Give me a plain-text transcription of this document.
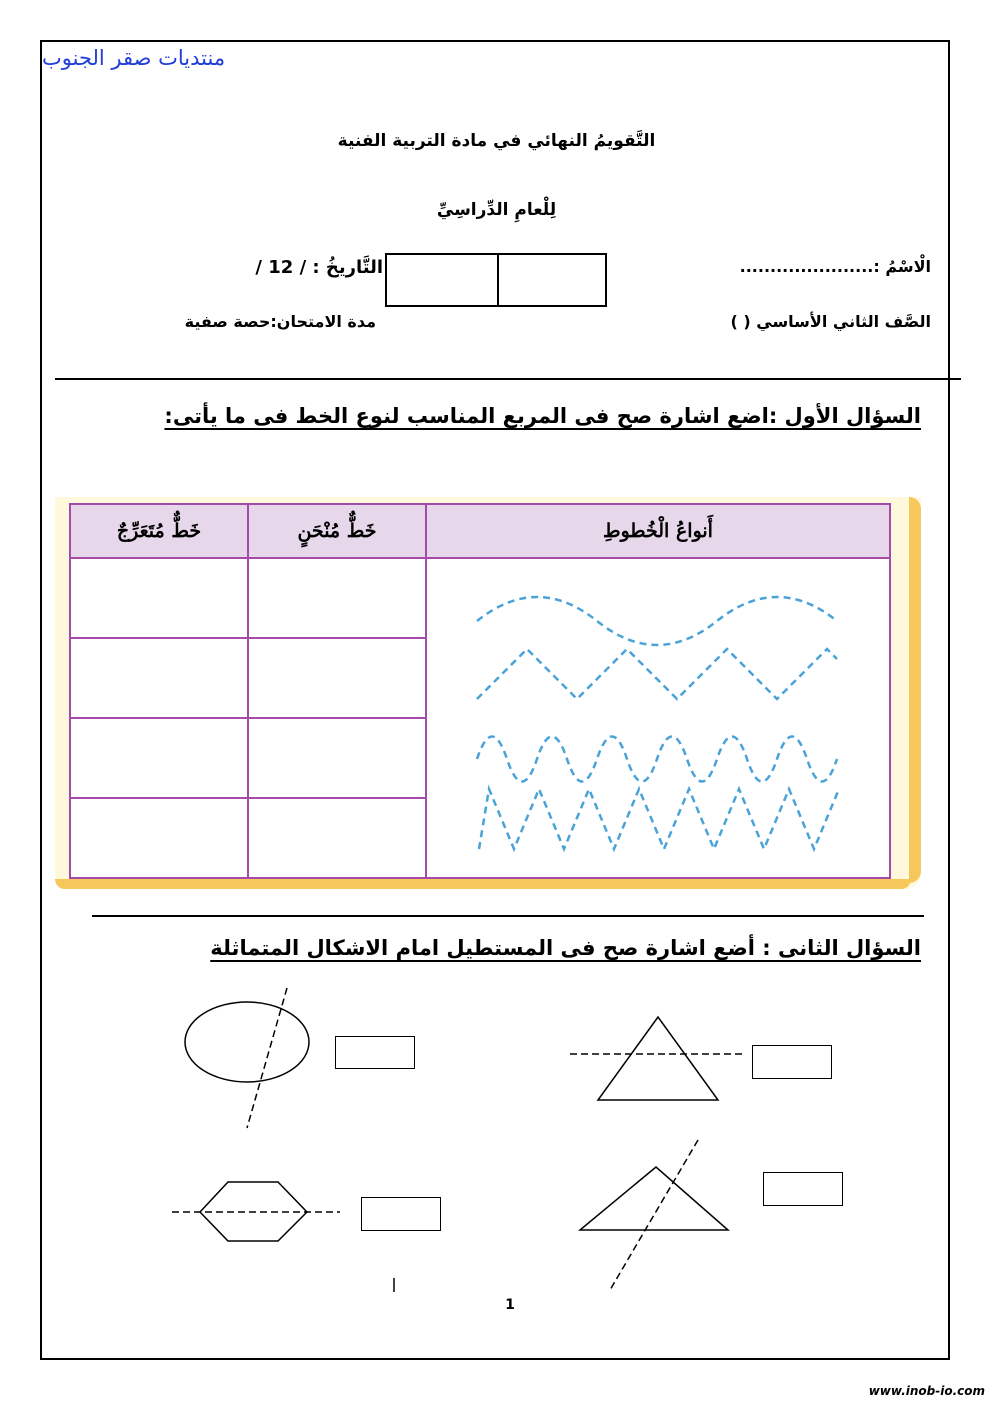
منتديات صقر الجنوب
التَّقويمُ النهائي في مادة التربية الفنية
لِلْعامِ الدِّراسِيِّ
الْاسْمُ :......................
التَّاريخُ : / 12 /
الصَّف الثاني الأساسي ( )
مدة الامتحان:حصة صفية
السؤال الأول :اضع اشارة صح فى المربع المناسب لنوع الخط فى ما يأتى:
خَطٌّ مُتَعَرِّجٌ	خَطٌّ مُنْحَنٍ	أَنواعُ الْخُطوطِ

السؤال الثانى : أضع اشارة صح فى المستطيل امام الاشكال المتماثلة
1
www.inob-io.com
